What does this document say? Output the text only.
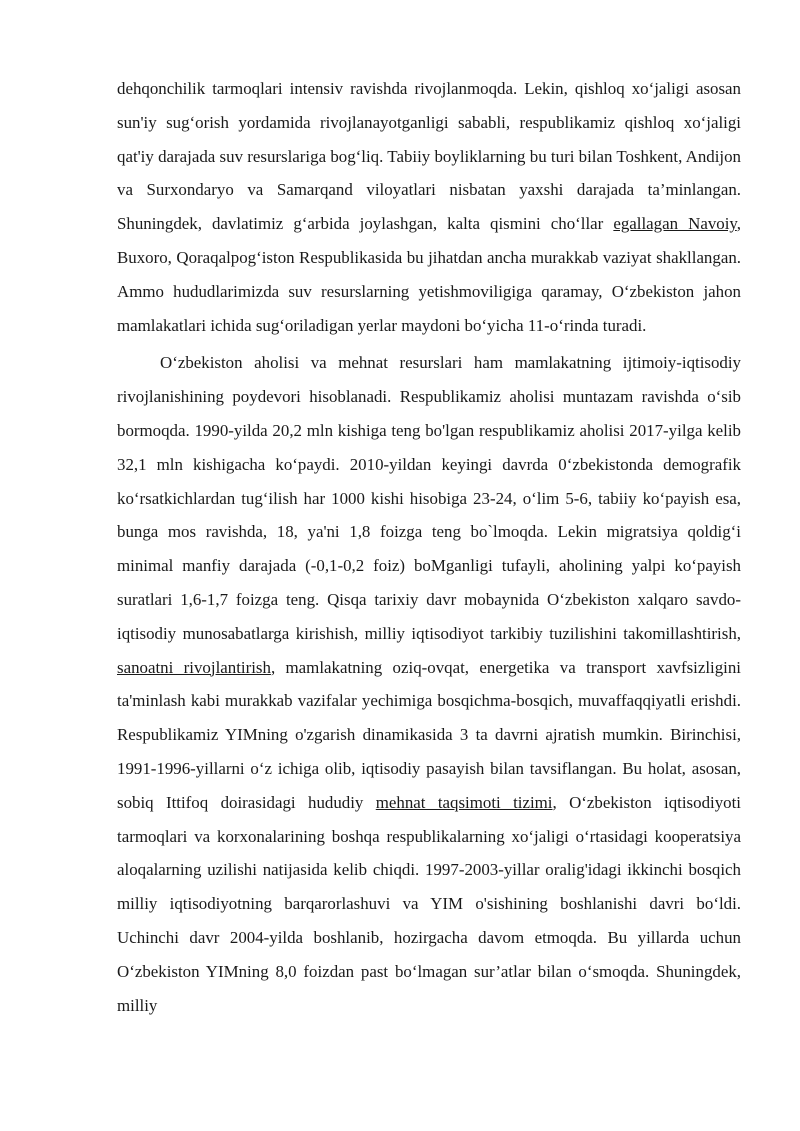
dehqonchilik tarmoqlari intensiv ravishda rivojlanmoqda. Lekin, qishloq xo‘jaligi asosan sun'iy sug‘orish yordamida rivojlanayotganligi sababli, respublikamiz qishloq xo‘jaligi qat'iy darajada suv resurslariga bog‘liq. Tabiiy boyliklarning bu turi bilan Toshkent, Andijon va Surxondaryo va Samarqand viloyatlari nisbatan yaxshi darajada ta’minlangan. Shuningdek, davlatimiz g‘arbida joylashgan, kalta qismini cho‘llar egallagan Navoiy, Buxoro, Qoraqalpog‘iston Respublikasida bu jihatdan ancha murakkab vaziyat shakllangan. Ammo hududlarimizda suv resurslarning yetishmoviligiga qaramay, O‘zbekiston jahon mamlakatlari ichida sug‘oriladigan yerlar maydoni bo‘yicha 11-o‘rinda turadi.

O‘zbekiston aholisi va mehnat resurslari ham mamlakatning ijtimoiy-iqtisodiy rivojlanishining poydevori hisoblanadi. Respublikamiz aholisi muntazam ravishda o‘sib bormoqda. 1990-yilda 20,2 mln kishiga teng bo'lgan respublikamiz aholisi 2017-yilga kelib 32,1 mln kishigacha ko‘paydi. 2010-yildan keyingi davrda 0‘zbekistonda demografik ko‘rsatkichlardan tug‘ilish har 1000 kishi hisobiga 23-24, o‘lim 5-6, tabiiy ko‘payish esa, bunga mos ravishda, 18, ya'ni 1,8 foizga teng bo`lmoqda. Lekin migratsiya qoldig‘i minimal manfiy darajada (-0,1-0,2 foiz) boMganligi tufayli, aholining yalpi ko‘payish suratlari 1,6-1,7 foizga teng. Qisqa tarixiy davr mobaynida O‘zbekiston xalqaro savdo-iqtisodiy munosabatlarga kirishish, milliy iqtisodiyot tarkibiy tuzilishini takomillashtirish, sanoatni rivojlantirish, mamlakatning oziq-ovqat, energetika va transport xavfsizligini ta'minlash kabi murakkab vazifalar yechimiga bosqichma-bosqich, muvaffaqqiyatli erishdi. Respublikamiz YIMning o'zgarish dinamikasida 3 ta davrni ajratish mumkin. Birinchisi, 1991-1996-yillarni o‘z ichiga olib, iqtisodiy pasayish bilan tavsiflangan. Bu holat, asosan, sobiq Ittifoq doirasidagi hududiy mehnat taqsimoti tizimi, O‘zbekiston iqtisodiyoti tarmoqlari va korxonalarining boshqa respublikalarning xo‘jaligi o‘rtasidagi kooperatsiya aloqalarning uzilishi natijasida kelib chiqdi. 1997-2003-yillar oralig'idagi ikkinchi bosqich milliy iqtisodiyotning barqarorlashuvi va YIM o'sishining boshlanishi davri bo‘ldi. Uchinchi davr 2004-yilda boshlanib, hozirgacha davom etmoqda. Bu yillarda uchun O‘zbekiston YIMning 8,0 foizdan past bo‘lmagan sur’atlar bilan o‘smoqda. Shuningdek, milliy
